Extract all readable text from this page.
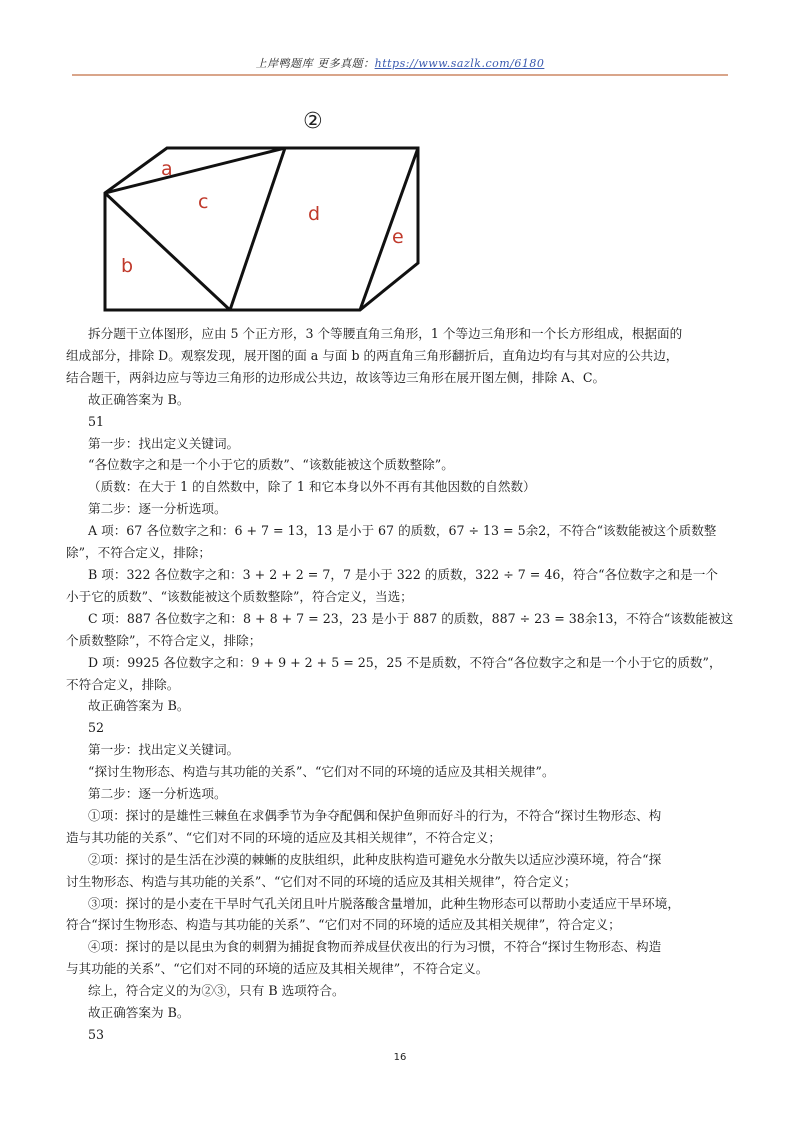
上岸鸭题库 更多真题：https://www.sazlk.com/6180
②
a
b
c
d
e

拆分题干立体图形，应由 5 个正方形，3 个等腰直角三角形，1 个等边三角形和一个长方形组成，根据面的

组成部分，排除 D。观察发现，展开图的面 a 与面 b 的两直角三角形翻折后，直角边均有与其对应的公共边，

结合题干，两斜边应与等边三角形的边形成公共边，故该等边三角形在展开图左侧，排除 A、C。

故正确答案为 B。

51

第一步：找出定义关键词。

“各位数字之和是一个小于它的质数”、“该数能被这个质数整除”。

（质数：在大于 1 的自然数中，除了 1 和它本身以外不再有其他因数的自然数）

第二步：逐一分析选项。

A 项：67 各位数字之和：6 + 7 = 13，13 是小于 67 的质数，67 ÷ 13 = 5余2，不符合“该数能被这个质数整

除”，不符合定义，排除；

B 项：322 各位数字之和：3 + 2 + 2 = 7，7 是小于 322 的质数，322 ÷ 7 = 46，符合“各位数字之和是一个

小于它的质数”、“该数能被这个质数整除”，符合定义，当选；

C 项：887 各位数字之和：8 + 8 + 7 = 23，23 是小于 887 的质数，887 ÷ 23 = 38余13，不符合“该数能被这

个质数整除”，不符合定义，排除；

D 项：9925 各位数字之和：9 + 9 + 2 + 5 = 25，25 不是质数，不符合“各位数字之和是一个小于它的质数”，

不符合定义，排除。

故正确答案为 B。

52

第一步：找出定义关键词。

“探讨生物形态、构造与其功能的关系”、“它们对不同的环境的适应及其相关规律”。

第二步：逐一分析选项。

①项：探讨的是雄性三棘鱼在求偶季节为争夺配偶和保护鱼卵而好斗的行为，不符合“探讨生物形态、构

造与其功能的关系”、“它们对不同的环境的适应及其相关规律”，不符合定义；

②项：探讨的是生活在沙漠的棘蜥的皮肤组织，此种皮肤构造可避免水分散失以适应沙漠环境，符合“探

讨生物形态、构造与其功能的关系”、“它们对不同的环境的适应及其相关规律”，符合定义；

③项：探讨的是小麦在干旱时气孔关闭且叶片脱落酸含量增加，此种生物形态可以帮助小麦适应干旱环境，

符合“探讨生物形态、构造与其功能的关系”、“它们对不同的环境的适应及其相关规律”，符合定义；

④项：探讨的是以昆虫为食的刺猬为捕捉食物而养成昼伏夜出的行为习惯，不符合“探讨生物形态、构造

与其功能的关系”、“它们对不同的环境的适应及其相关规律”，不符合定义。

综上，符合定义的为②③，只有 B 选项符合。

故正确答案为 B。

53

16
